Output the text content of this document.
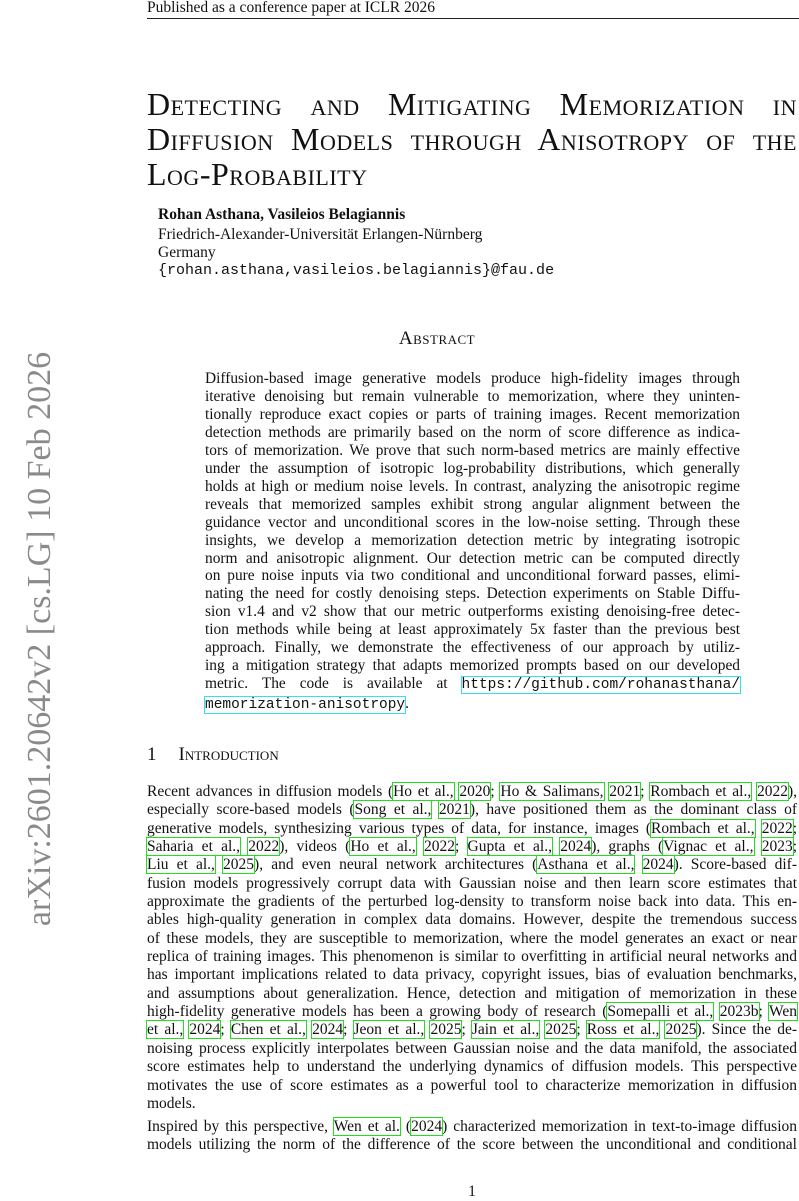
Published as a conference paper at ICLR 2026
Detecting and Mitigating Memorization in
Diffusion Models through Anisotropy of the
Log-Probability
Rohan Asthana, Vasileios Belagiannis
Friedrich-Alexander-Universität Erlangen-Nürnberg
Germany
{rohan.asthana,vasileios.belagiannis}@fau.de
arXiv:2601.20642v2 [cs.LG] 10 Feb 2026
Abstract
Diffusion-based image generative models produce high-fidelity images through
iterative denoising but remain vulnerable to memorization, where they uninten-
tionally reproduce exact copies or parts of training images. Recent memorization
detection methods are primarily based on the norm of score difference as indica-
tors of memorization. We prove that such norm-based metrics are mainly effective
under the assumption of isotropic log-probability distributions, which generally
holds at high or medium noise levels. In contrast, analyzing the anisotropic regime
reveals that memorized samples exhibit strong angular alignment between the
guidance vector and unconditional scores in the low-noise setting. Through these
insights, we develop a memorization detection metric by integrating isotropic
norm and anisotropic alignment. Our detection metric can be computed directly
on pure noise inputs via two conditional and unconditional forward passes, elimi-
nating the need for costly denoising steps. Detection experiments on Stable Diffu-
sion v1.4 and v2 show that our metric outperforms existing denoising-free detec-
tion methods while being at least approximately 5x faster than the previous best
approach. Finally, we demonstrate the effectiveness of our approach by utiliz-
ing a mitigation strategy that adapts memorized prompts based on our developed
metric. The code is available at https://github.com/rohanasthana/
memorization-anisotropy.
1 Introduction
Recent advances in diffusion models (Ho et al., 2020; Ho & Salimans, 2021; Rombach et al., 2022),
especially score-based models (Song et al., 2021), have positioned them as the dominant class of
generative models, synthesizing various types of data, for instance, images (Rombach et al., 2022;
Saharia et al., 2022), videos (Ho et al., 2022; Gupta et al., 2024), graphs (Vignac et al., 2023;
Liu et al., 2025), and even neural network architectures (Asthana et al., 2024). Score-based dif-
fusion models progressively corrupt data with Gaussian noise and then learn score estimates that
approximate the gradients of the perturbed log-density to transform noise back into data. This en-
ables high-quality generation in complex data domains. However, despite the tremendous success
of these models, they are susceptible to memorization, where the model generates an exact or near
replica of training images. This phenomenon is similar to overfitting in artificial neural networks and
has important implications related to data privacy, copyright issues, bias of evaluation benchmarks,
and assumptions about generalization. Hence, detection and mitigation of memorization in these
high-fidelity generative models has been a growing body of research (Somepalli et al., 2023b; Wen
et al., 2024; Chen et al., 2024; Jeon et al., 2025; Jain et al., 2025; Ross et al., 2025). Since the de-
noising process explicitly interpolates between Gaussian noise and the data manifold, the associated
score estimates help to understand the underlying dynamics of diffusion models. This perspective
motivates the use of score estimates as a powerful tool to characterize memorization in diffusion
models.
Inspired by this perspective, Wen et al. (2024) characterized memorization in text-to-image diffusion
models utilizing the norm of the difference of the score between the unconditional and conditional
1
